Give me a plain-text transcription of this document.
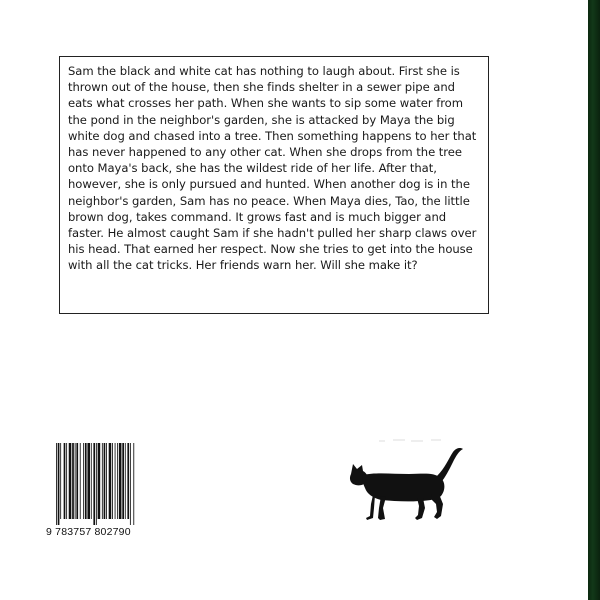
Sam the black and white cat has nothing to laugh about. First she is thrown out of the house, then she finds shelter in a sewer pipe and eats what crosses her path. When she wants to sip some water from the pond in the neighbor's garden, she is attacked by Maya the big white dog and chased into a tree. Then something happens to her that has never happened to any other cat. When she drops from the tree onto Maya's back, she has the wildest ride of her life. After that, however, she is only pursued and hunted. When another dog is in the neighbor's garden, Sam has no peace. When Maya dies, Tao, the little brown dog, takes command. It grows fast and is much bigger and faster. He almost caught Sam if she hadn't pulled her sharp claws over his head. That earned her respect. Now she tries to get into the house with all the cat tricks. Her friends warn her. Will she make it?

9 783757 802790
